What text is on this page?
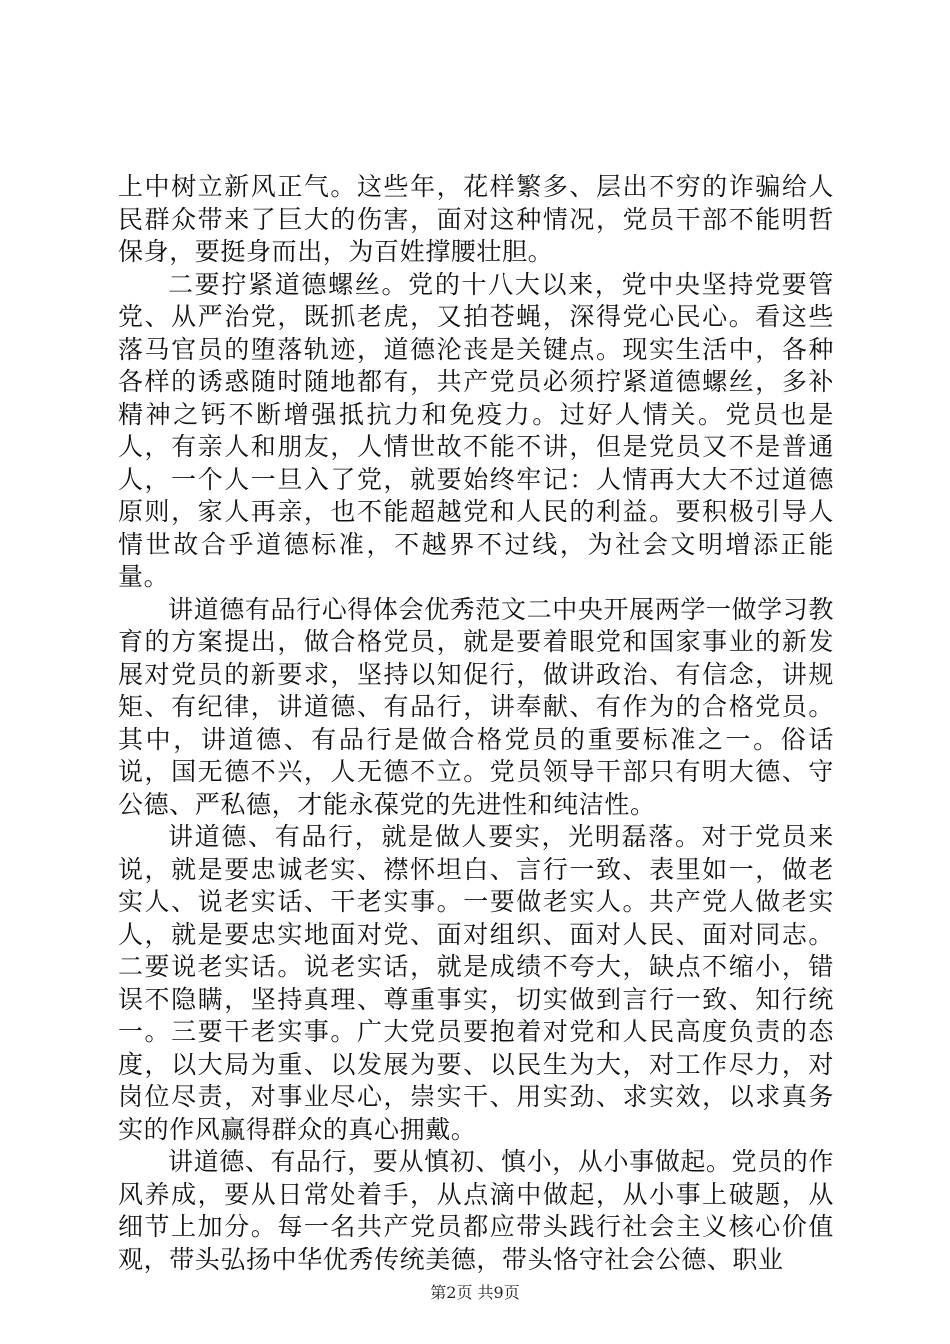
上中树立新风正气。这些年，花样繁多、层出不穷的诈骗给人民群众带来了巨大的伤害，面对这种情况，党员干部不能明哲保身，要挺身而出，为百姓撑腰壮胆。

二要拧紧道德螺丝。党的十八大以来，党中央坚持党要管党、从严治党，既抓老虎，又拍苍蝇，深得党心民心。看这些落马官员的堕落轨迹，道德沦丧是关键点。现实生活中，各种各样的诱惑随时随地都有，共产党员必须拧紧道德螺丝，多补精神之钙不断增强抵抗力和免疫力。过好人情关。党员也是人，有亲人和朋友，人情世故不能不讲，但是党员又不是普通人，一个人一旦入了党，就要始终牢记：人情再大大不过道德原则，家人再亲，也不能超越党和人民的利益。要积极引导人情世故合乎道德标准，不越界不过线，为社会文明增添正能量。

讲道德有品行心得体会优秀范文二中央开展两学一做学习教育的方案提出，做合格党员，就是要着眼党和国家事业的新发展对党员的新要求，坚持以知促行，做讲政治、有信念，讲规矩、有纪律，讲道德、有品行，讲奉献、有作为的合格党员。其中，讲道德、有品行是做合格党员的重要标准之一。俗话说，国无德不兴，人无德不立。党员领导干部只有明大德、守公德、严私德，才能永葆党的先进性和纯洁性。

讲道德、有品行，就是做人要实，光明磊落。对于党员来说，就是要忠诚老实、襟怀坦白、言行一致、表里如一，做老实人、说老实话、干老实事。一要做老实人。共产党人做老实人，就是要忠实地面对党、面对组织、面对人民、面对同志。二要说老实话。说老实话，就是成绩不夸大，缺点不缩小，错误不隐瞒，坚持真理、尊重事实，切实做到言行一致、知行统一。三要干老实事。广大党员要抱着对党和人民高度负责的态度，以大局为重、以发展为要、以民生为大，对工作尽力，对岗位尽责，对事业尽心，崇实干、用实劲、求实效，以求真务实的作风赢得群众的真心拥戴。

讲道德、有品行，要从慎初、慎小，从小事做起。党员的作风养成，要从日常处着手，从点滴中做起，从小事上破题，从细节上加分。每一名共产党员都应带头践行社会主义核心价值观，带头弘扬中华优秀传统美德，带头恪守社会公德、职业

第2页 共9页
